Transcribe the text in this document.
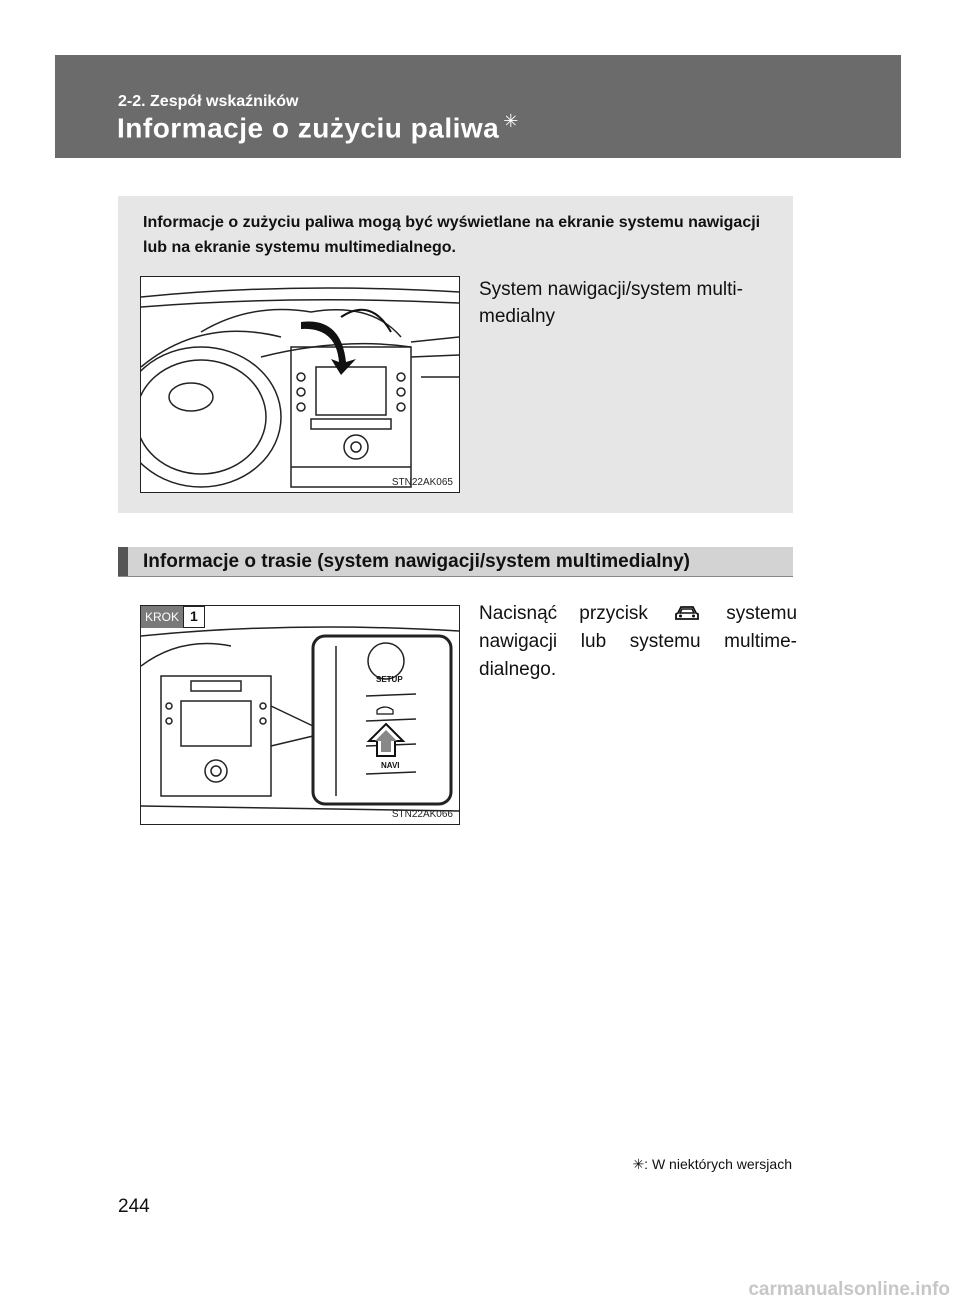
2-2. Zespół wskaźników
Informacje o zużyciu paliwa ✳
Informacje o zużyciu paliwa mogą być wyświetlane na ekranie systemu nawigacji lub na ekranie systemu multimedialnego.
STN22AK065
System nawigacji/system multi-medialny
Informacje o trasie (system nawigacji/system multimedialny)
SETUP
NAVI
KROK 1
STN22AK066
Nacisnąć przycisk	systemu nawigacji lub systemu multime-dialnego.
✳: W niektórych wersjach
244
carmanualsonline.info
